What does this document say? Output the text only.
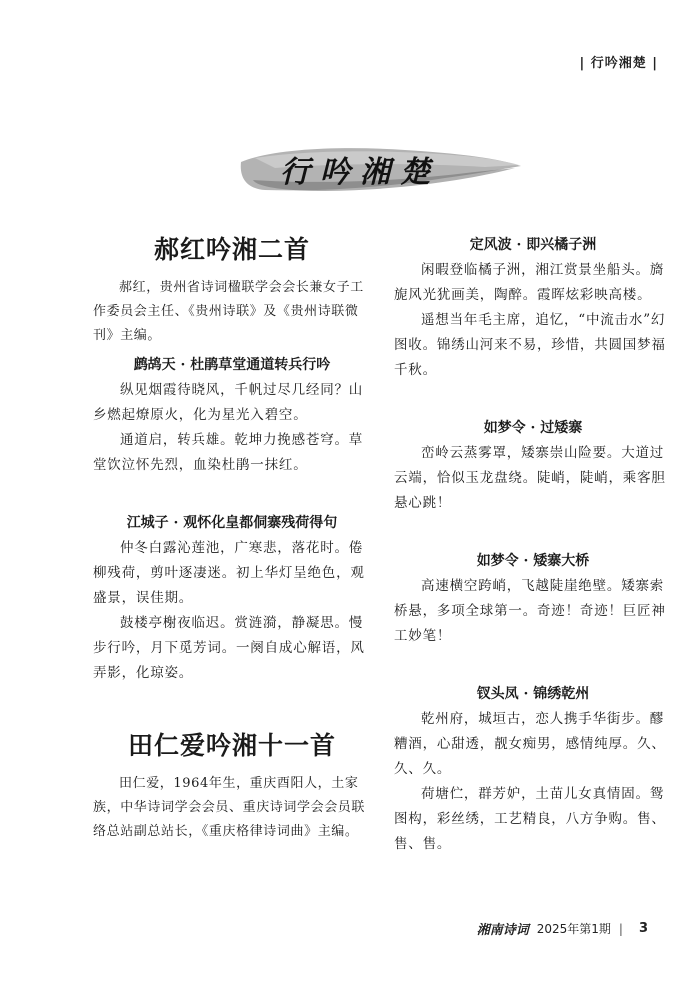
| 行吟湘楚 |
行吟湘楚
郝红吟湘二首

郝红，贵州省诗词楹联学会会长兼女子工作委员会主任、《贵州诗联》及《贵州诗联微刊》主编。

鹧鸪天 · 杜鹃草堂通道转兵行吟

纵见烟霞待晓风，千帆过尽几经同？山乡燃起燎原火，化为星光入碧空。

通道启，转兵雄。乾坤力挽感苍穹。草堂饮泣怀先烈，血染杜鹃一抹红。

江城子 · 观怀化皇都侗寨残荷得句

仲冬白露沁莲池，广寒悲，落花时。倦柳残荷，剪叶逐凄迷。初上华灯呈绝色，观盛景，误佳期。

鼓楼亭榭夜临迟。赏涟漪，静凝思。慢步行吟，月下觅芳词。一阕自成心解语，风弄影，化琼姿。

田仁爱吟湘十一首

田仁爱，1964年生，重庆酉阳人，土家族，中华诗词学会会员、重庆诗词学会会员联络总站副总站长，《重庆格律诗词曲》主编。

定风波 · 即兴橘子洲

闲暇登临橘子洲，湘江赏景坐船头。旖旎风光犹画美，陶醉。霞晖炫彩映高楼。

遥想当年毛主席，追忆，“中流击水”幻图收。锦绣山河来不易，珍惜，共圆国梦福千秋。

如梦令 · 过矮寨

峦岭云蒸雾罩，矮寨崇山险要。大道过云端，恰似玉龙盘绕。陡峭，陡峭，乘客胆悬心跳！

如梦令 · 矮寨大桥

高速横空跨峭，飞越陡崖绝壁。矮寨索桥悬，多项全球第一。奇迹！奇迹！巨匠神工妙笔！

钗头凤 · 锦绣乾州

乾州府，城垣古，恋人携手华街步。醪糟酒，心甜透，靓女痴男，感情纯厚。久、久、久。

荷塘伫，群芳妒，土苗儿女真情固。鸳图构，彩丝绣，工艺精良，八方争购。售、售、售。

湘南诗词 2025年第1期 | 3
